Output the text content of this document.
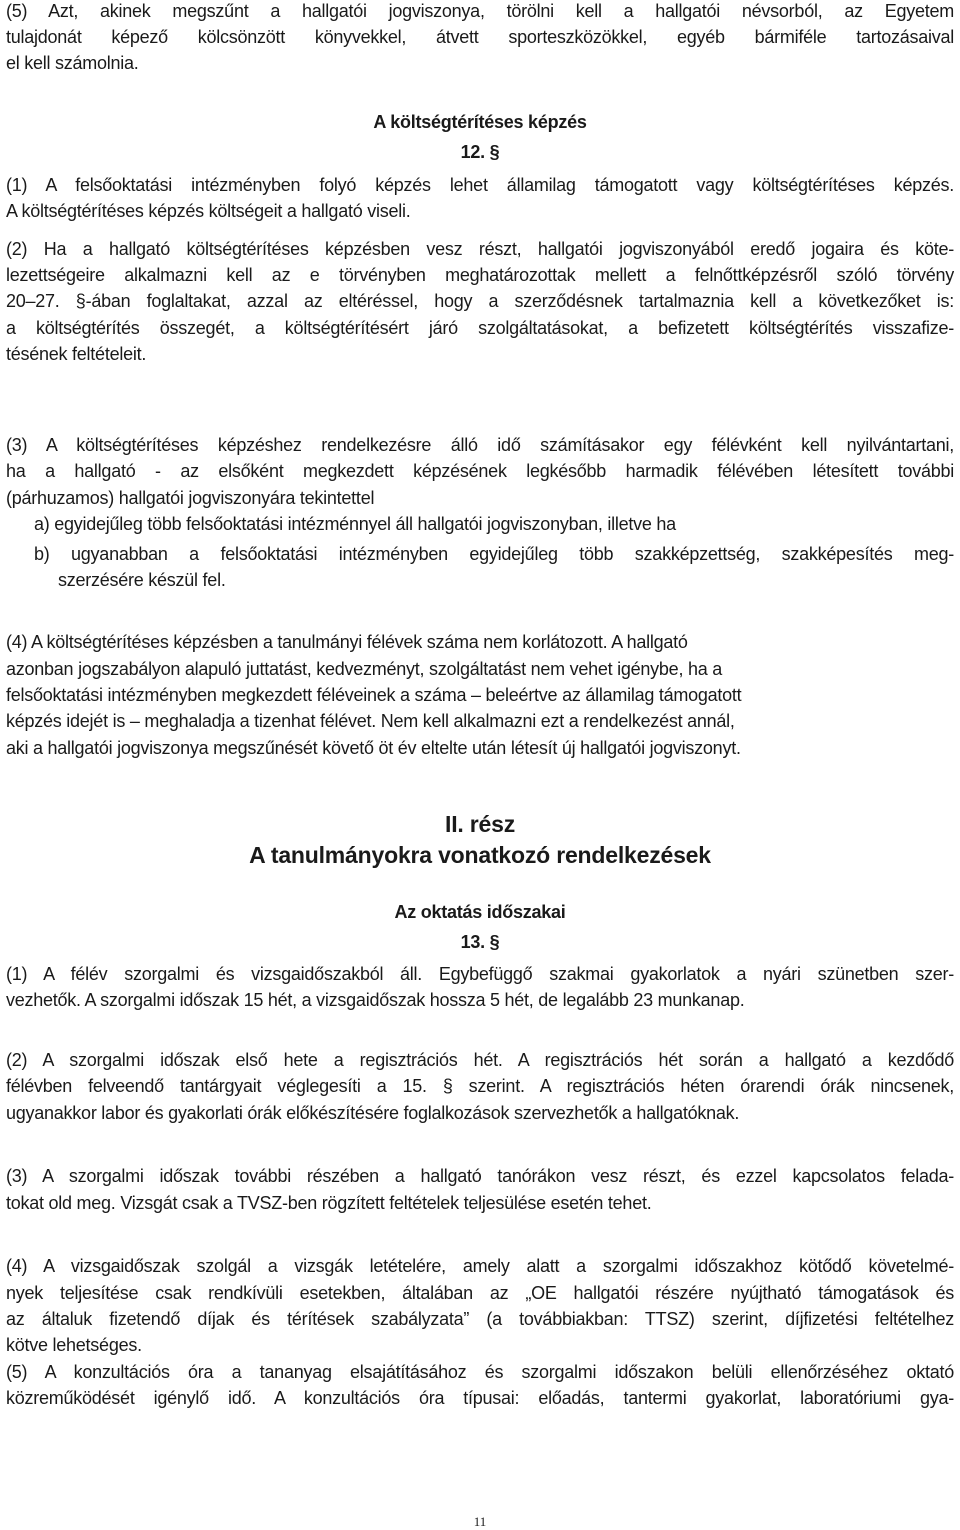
(5) Azt, akinek megszűnt a hallgatói jogviszonya, törölni kell a hallgatói névsorból, az Egyetem
tulajdonát képező kölcsönzött könyvekkel, átvett sporteszközökkel, egyéb bármiféle tartozásaival
el kell számolnia.
A költségtérítéses képzés
12. §
(1) A felsőoktatási intézményben folyó képzés lehet államilag támogatott vagy költségtérítéses képzés.
A költségtérítéses képzés költségeit a hallgató viseli.
(2) Ha a hallgató költségtérítéses képzésben vesz részt, hallgatói jogviszonyából eredő jogaira és köte-
lezettségeire alkalmazni kell az e törvényben meghatározottak mellett a felnőttképzésről szóló törvény
20–27. §-ában foglaltakat, azzal az eltéréssel, hogy a szerződésnek tartalmaznia kell a következőket is:
a költségtérítés összegét, a költségtérítésért járó szolgáltatásokat, a befizetett költségtérítés visszafize-
tésének feltételeit.
(3) A költségtérítéses képzéshez rendelkezésre álló idő számításakor egy félévként kell nyilvántartani,
ha a hallgató - az elsőként megkezdett képzésének legkésőbb harmadik félévében létesített további
(párhuzamos) hallgatói jogviszonyára tekintettel
a) egyidejűleg több felsőoktatási intézménnyel áll hallgatói jogviszonyban, illetve ha
b) ugyanabban a felsőoktatási intézményben egyidejűleg több szakképzettség, szakképesítés meg-
szerzésére készül fel.
(4) A költségtérítéses képzésben a tanulmányi félévek száma nem korlátozott. A hallgató
azonban jogszabályon alapuló juttatást, kedvezményt, szolgáltatást nem vehet igénybe, ha a
felsőoktatási intézményben megkezdett féléveinek a száma – beleértve az államilag támogatott
képzés idejét is – meghaladja a tizenhat félévet. Nem kell alkalmazni ezt a rendelkezést annál,
aki a hallgatói jogviszonya megszűnését követő öt év eltelte után létesít új hallgatói jogviszonyt.
II. rész
A tanulmányokra vonatkozó rendelkezések
Az oktatás időszakai
13. §
(1) A félév szorgalmi és vizsgaidőszakból áll. Egybefüggő szakmai gyakorlatok a nyári szünetben szer-
vezhetők. A szorgalmi időszak 15 hét, a vizsgaidőszak hossza 5 hét, de legalább 23 munkanap.
(2) A szorgalmi időszak első hete a regisztrációs hét. A regisztrációs hét során a hallgató a kezdődő
félévben felveendő tantárgyait véglegesíti a 15. § szerint. A regisztrációs héten órarendi órák nincsenek,
ugyanakkor labor és gyakorlati órák előkészítésére foglalkozások szervezhetők a hallgatóknak.
(3) A szorgalmi időszak további részében a hallgató tanórákon vesz részt, és ezzel kapcsolatos felada-
tokat old meg. Vizsgát csak a TVSZ-ben rögzített feltételek teljesülése esetén tehet.
(4) A vizsgaidőszak szolgál a vizsgák letételére, amely alatt a szorgalmi időszakhoz kötődő követelmé-
nyek teljesítése csak rendkívüli esetekben, általában az „OE hallgatói részére nyújtható támogatások és
az általuk fizetendő díjak és térítések szabályzata” (a továbbiakban: TTSZ) szerint, díjfizetési feltételhez
kötve lehetséges.
(5) A konzultációs óra a tananyag elsajátításához és szorgalmi időszakon belüli ellenőrzéséhez oktató
közreműködését igénylő idő. A konzultációs óra típusai: előadás, tantermi gyakorlat, laboratóriumi gya-
11
